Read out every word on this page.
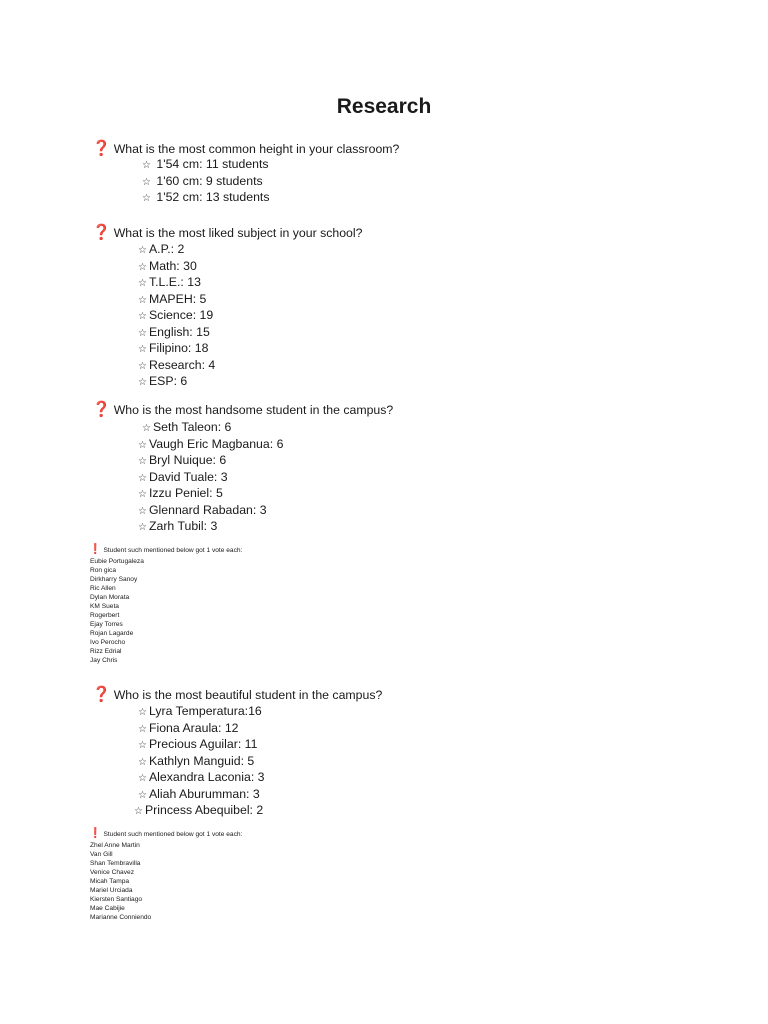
Research
❓ What is the most common height in your classroom?
☆ 1'54 cm: 11 students
☆ 1'60 cm: 9 students
☆ 1'52 cm: 13 students
❓ What is the most liked subject in your school?
☆ A.P.: 2
☆ Math: 30
☆ T.L.E.: 13
☆ MAPEH: 5
☆ Science: 19
☆ English: 15
☆ Filipino: 18
☆ Research: 4
☆ ESP: 6
❓ Who is the most handsome student in the campus?
☆ Seth Taleon: 6
☆ Vaugh Eric Magbanua: 6
☆ Bryl Nuique: 6
☆ David Tuale: 3
☆ Izzu Peniel: 5
☆ Glennard Rabadan: 3
☆ Zarh Tubil: 3
❗ Student such mentioned below got 1 vote each:
Eubie Portugaleza
Ron gica
Dirkharry Sanoy
Ric Allen
Dylan Morata
KM Sueta
Rogerbert
Ejay Torres
Rojan Lagarde
Ivo Perocho
Rizz Edrial
Jay Chris
❓ Who is the most beautiful student in the campus?
☆ Lyra Temperatura:16
☆ Fiona Araula: 12
☆ Precious Aguilar: 11
☆ Kathlyn Manguid: 5
☆ Alexandra Laconia: 3
☆ Aliah Aburumman: 3
☆ Princess Abequibel: 2
❗ Student such mentioned below got 1 vote each:
Zhel Anne Martin
Van Gill
Shan Tembravilla
Venice Chavez
Micah Tampa
Mariel Urciada
Kiersten Santiago
Mae Cabijie
Marianne Conniendo
